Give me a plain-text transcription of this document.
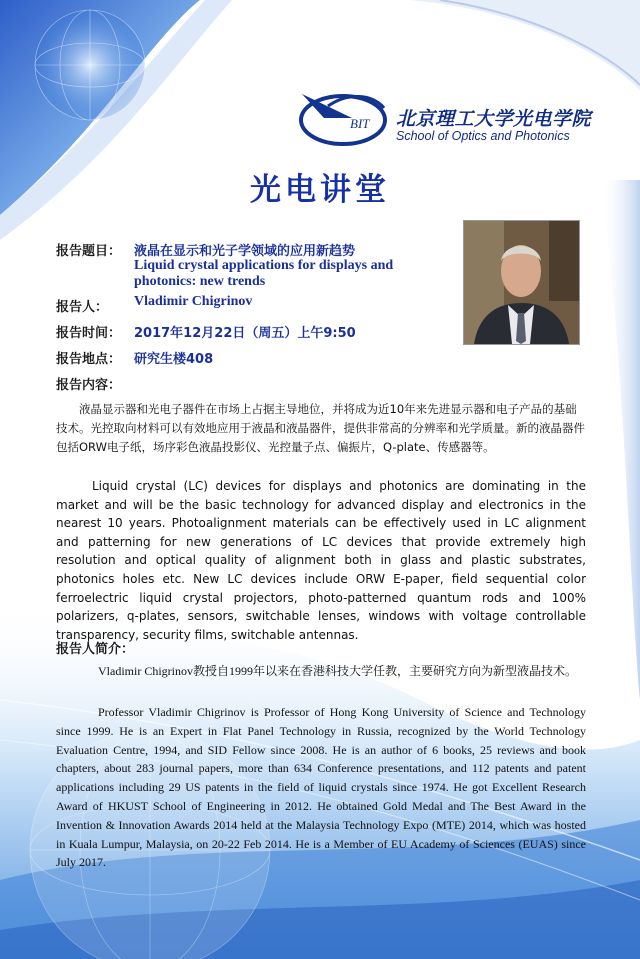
BIT 北京理工大学光电学院
School of Optics and Photonics
光电讲堂
报告题目： 液晶在显示和光子学领域的应用新趋势
Liquid crystal applications for displays and
photonics: new trends
报告人： Vladimir Chigrinov
报告时间： 2017年12月22日（周五）上午9:50
报告地点： 研究生楼408
报告内容：

液晶显示器和光电子器件在市场上占据主导地位，并将成为近10年来先进显示器和电子产品的基础技术。光控取向材料可以有效地应用于液晶和液晶器件，提供非常高的分辨率和光学质量。新的液晶器件包括ORW电子纸，场序彩色液晶投影仪、光控量子点、偏振片，Q-plate、传感器等。

Liquid crystal (LC) devices for displays and photonics are dominating in the market and will be the basic technology for advanced display and electronics in the nearest 10 years. Photoalignment materials can be effectively used in LC alignment and patterning for new generations of LC devices that provide extremely high resolution and optical quality of alignment both in glass and plastic substrates, photonics holes etc. New LC devices include ORW E-paper, field sequential color ferroelectric liquid crystal projectors, photo-patterned quantum rods and 100% polarizers, q-plates, sensors, switchable lenses, windows with voltage controllable transparency, security films, switchable antennas.

报告人简介：

Vladimir Chigrinov教授自1999年以来在香港科技大学任教，主要研究方向为新型液晶技术。

Professor Vladimir Chigrinov is Professor of Hong Kong University of Science and Technology since 1999. He is an Expert in Flat Panel Technology in Russia, recognized by the World Technology Evaluation Centre, 1994, and SID Fellow since 2008. He is an author of 6 books, 25 reviews and book chapters, about 283 journal papers, more than 634 Conference presentations, and 112 patents and patent applications including 29 US patents in the field of liquid crystals since 1974. He got Excellent Research Award of HKUST School of Engineering in 2012. He obtained Gold Medal and The Best Award in the Invention & Innovation Awards 2014 held at the Malaysia Technology Expo (MTE) 2014, which was hosted in Kuala Lumpur, Malaysia, on 20-22 Feb 2014. He is a Member of EU Academy of Sciences (EUAS) since July 2017.
